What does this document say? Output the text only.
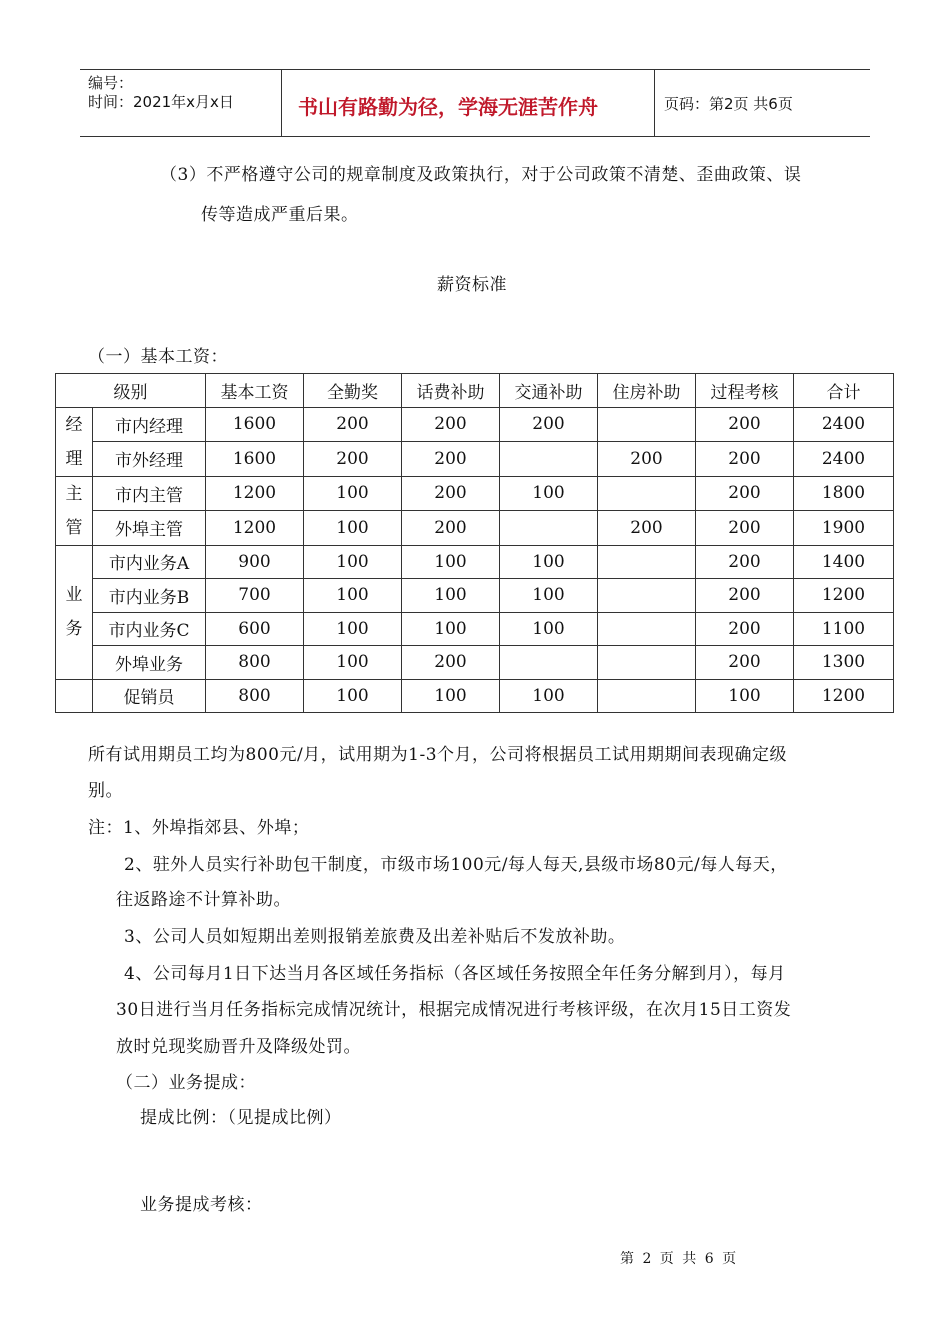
编号：
时间：2021年x月x日	书山有路勤为径，学海无涯苦作舟	页码：第2页 共6页
（3）不严格遵守公司的规章制度及政策执行，对于公司政策不清楚、歪曲政策、误
传等造成严重后果。
薪资标准
（一）基本工资：
级别		基本工资	全勤奖	话费补助	交通补助	住房补助	过程考核	合计
经
理	市内经理	1600	200	200	200		200	2400
	市外经理	1600	200	200		200	200	2400
主
管	市内主管	1200	100	200	100		200	1800
	外埠主管	1200	100	200		200	200	1900
业
务	市内业务A	900	100	100	100		200	1400
	市内业务B	700	100	100	100		200	1200
	市内业务C	600	100	100	100		200	1100
	外埠业务	800	100	200			200	1300
	促销员	800	100	100	100		100	1200
所有试用期员工均为800元/月，试用期为1-3个月，公司将根据员工试用期期间表现确定级
别。
注：1、外埠指郊县、外埠；
2、驻外人员实行补助包干制度，市级市场100元/每人每天,县级市场80元/每人每天，
往返路途不计算补助。
3、公司人员如短期出差则报销差旅费及出差补贴后不发放补助。
4、公司每月1日下达当月各区域任务指标（各区域任务按照全年任务分解到月），每月
30日进行当月任务指标完成情况统计，根据完成情况进行考核评级，在次月15日工资发
放时兑现奖励晋升及降级处罚。
（二）业务提成：
提成比例：（见提成比例）
业务提成考核：
第 2 页 共 6 页
